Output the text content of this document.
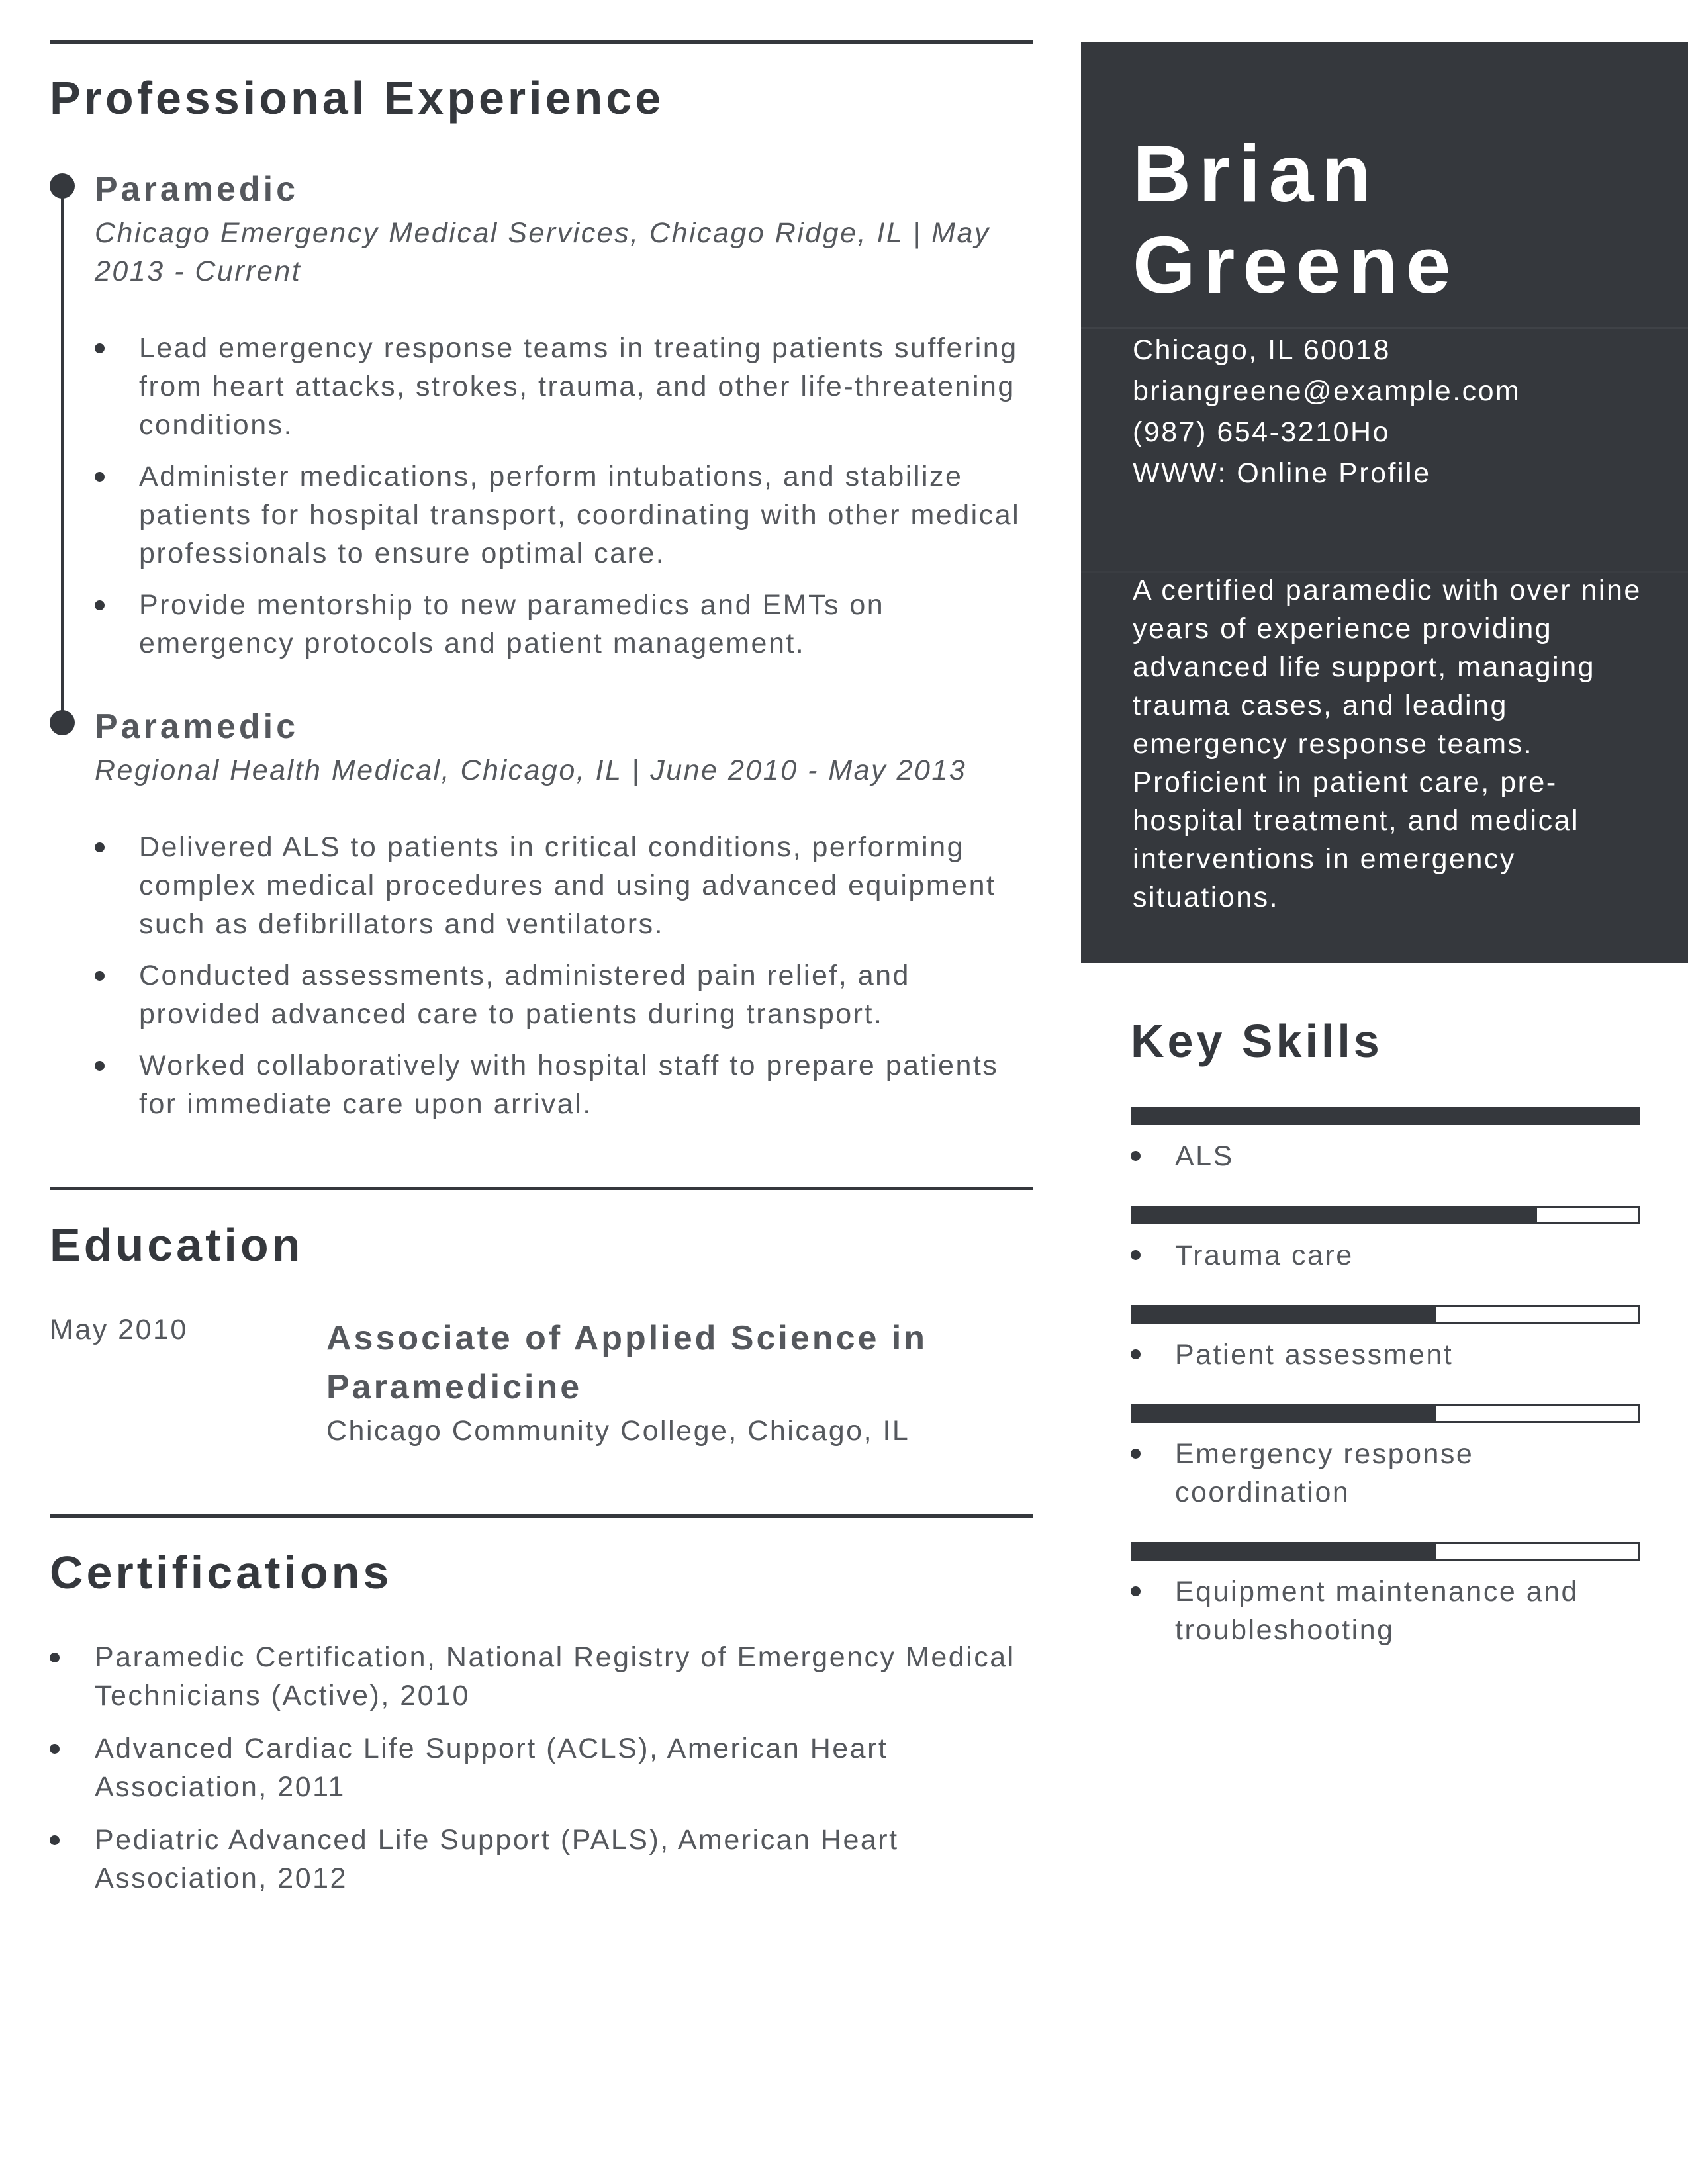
Professional Experience
Paramedic
Chicago Emergency Medical Services, Chicago Ridge, IL | May 2013 - Current
Lead emergency response teams in treating patients suffering from heart attacks, strokes, trauma, and other life-threatening conditions.
Administer medications, perform intubations, and stabilize patients for hospital transport, coordinating with other medical professionals to ensure optimal care.
Provide mentorship to new paramedics and EMTs on emergency protocols and patient management.
Paramedic
Regional Health Medical, Chicago, IL | June 2010 - May 2013
Delivered ALS to patients in critical conditions, performing complex medical procedures and using advanced equipment such as defibrillators and ventilators.
Conducted assessments, administered pain relief, and provided advanced care to patients during transport.
Worked collaboratively with hospital staff to prepare patients for immediate care upon arrival.
Education
May 2010	Associate of Applied Science in Paramedicine
Chicago Community College, Chicago, IL
Certifications
Paramedic Certification, National Registry of Emergency Medical Technicians (Active), 2010
Advanced Cardiac Life Support (ACLS), American Heart Association, 2011
Pediatric Advanced Life Support (PALS), American Heart Association, 2012
Brian
Greene
Chicago, IL 60018
briangreene@example.com
(987) 654-3210Ho
WWW: Online Profile
A certified paramedic with over nine years of experience providing advanced life support, managing trauma cases, and leading emergency response teams. Proficient in patient care, pre-hospital treatment, and medical interventions in emergency situations.
Key Skills
ALS
Trauma care
Patient assessment
Emergency response coordination
Equipment maintenance and troubleshooting
